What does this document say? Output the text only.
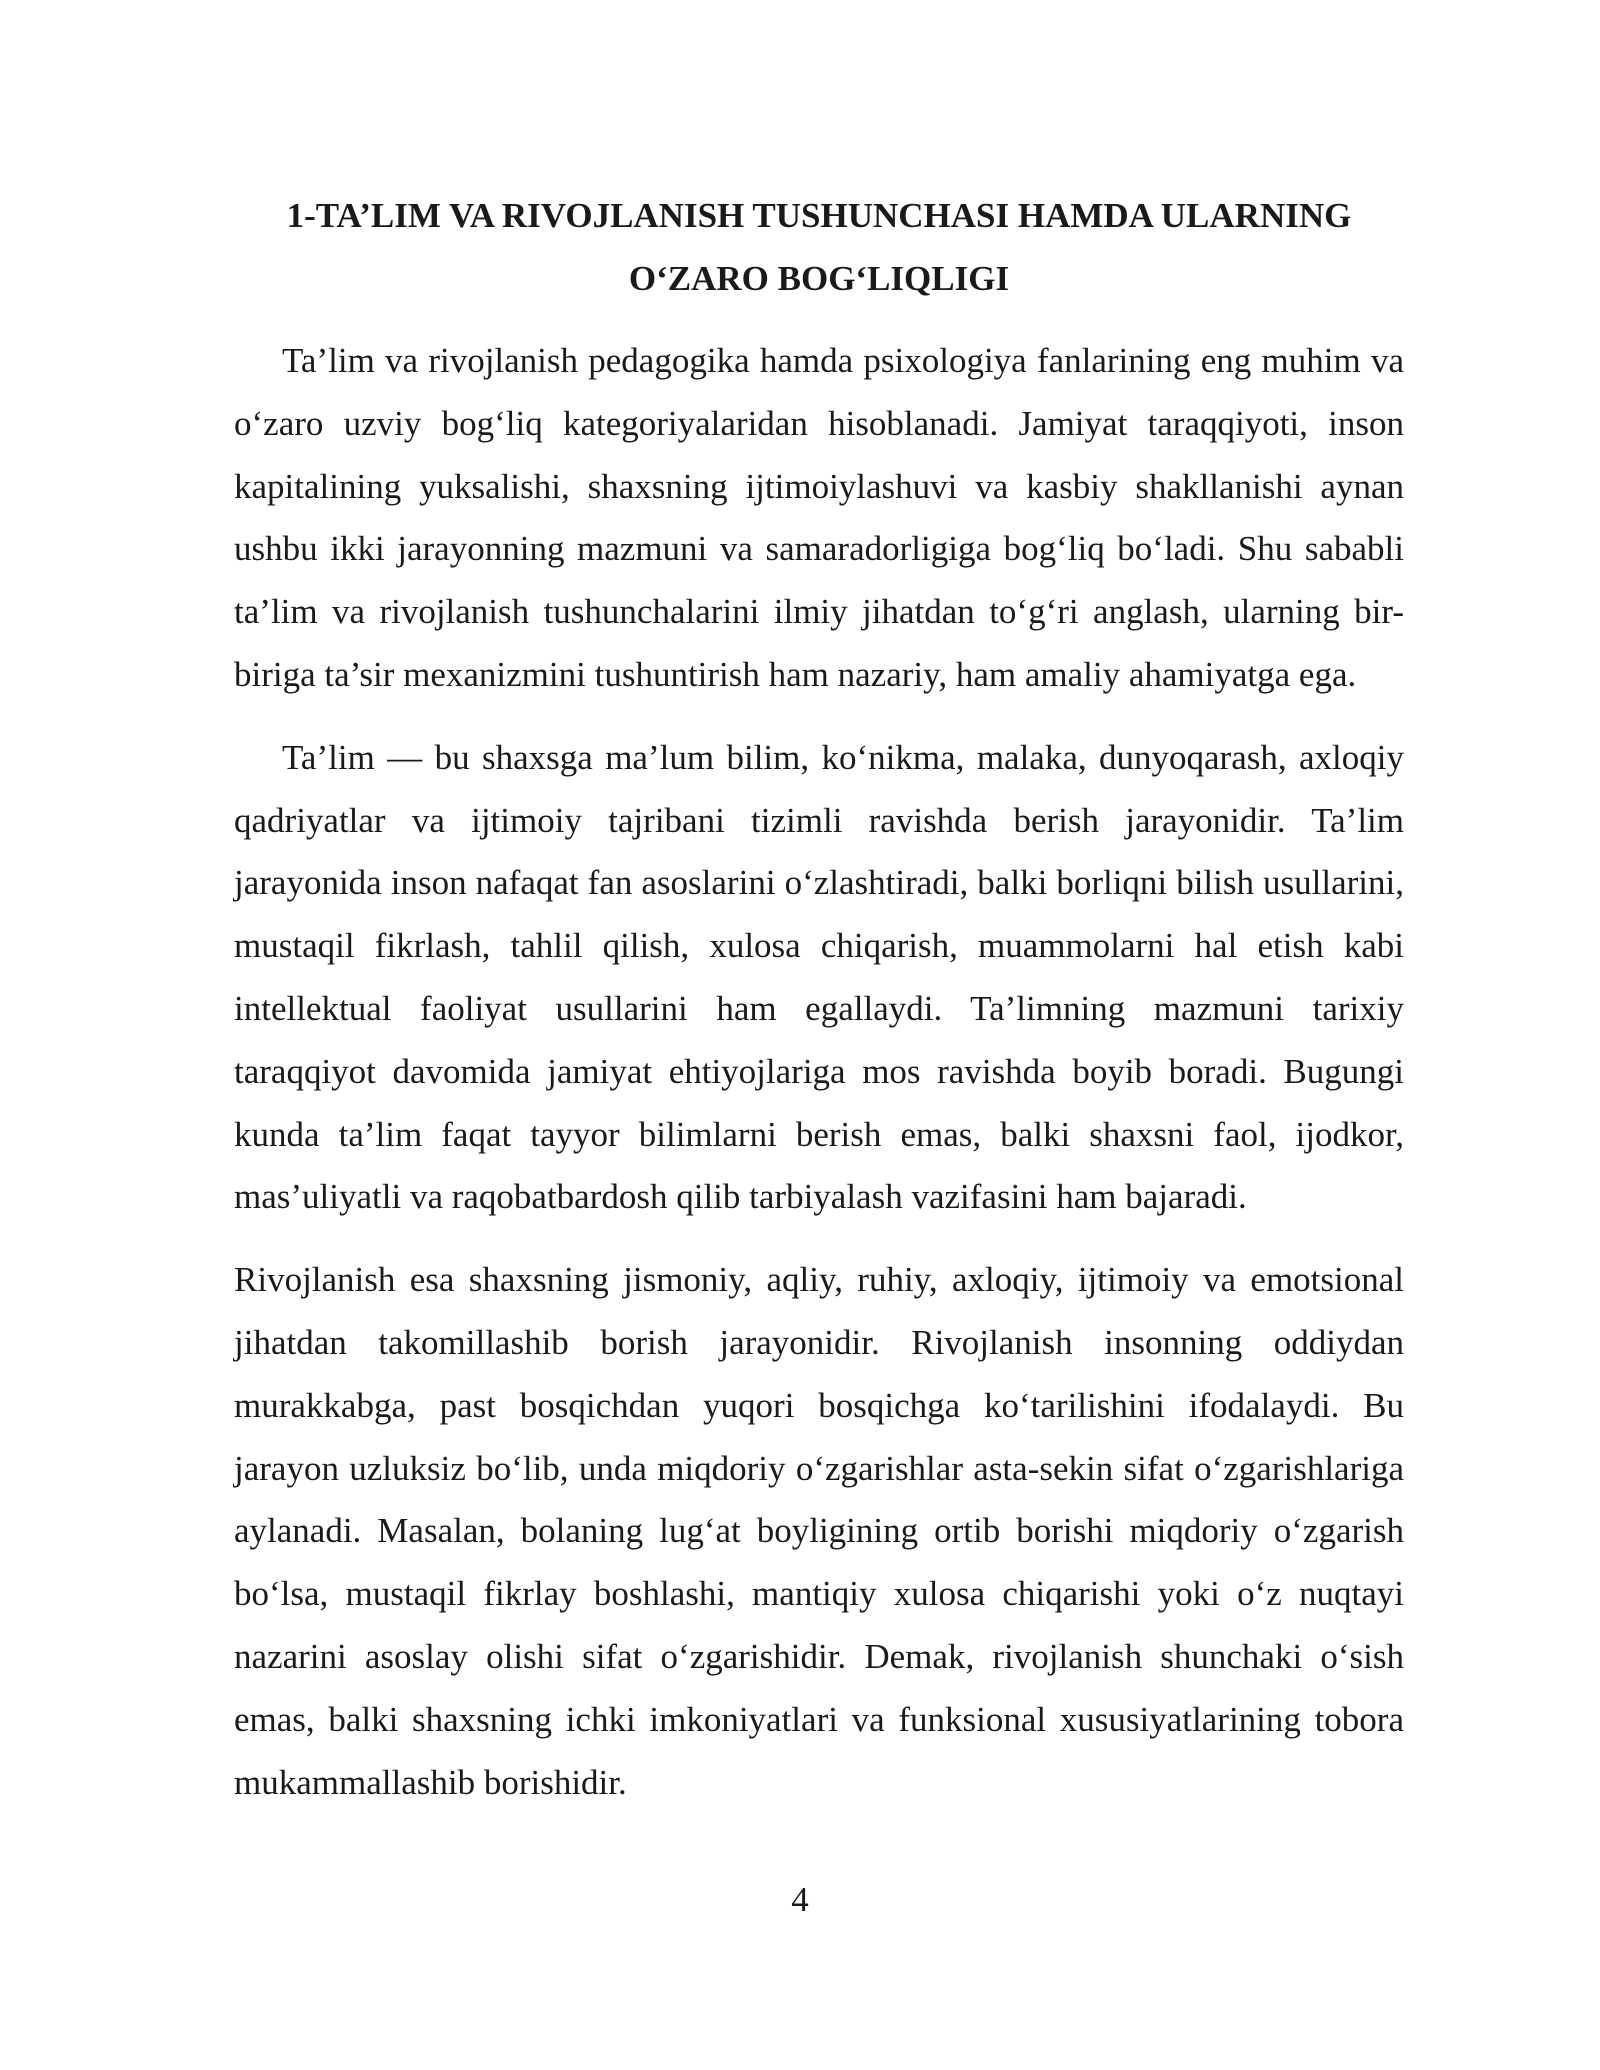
1-TA’LIM VA RIVOJLANISH TUSHUNCHASI HAMDA ULARNING
O‘ZARO BOG‘LIQLIGI

Ta’lim va rivojlanish pedagogika hamda psixologiya fanlarining eng muhim va o‘zaro uzviy bog‘liq kategoriyalaridan hisoblanadi. Jamiyat taraqqiyoti, inson kapitalining yuksalishi, shaxsning ijtimoiylashuvi va kasbiy shakllanishi aynan ushbu ikki jarayonning mazmuni va samaradorligiga bog‘liq bo‘ladi. Shu sababli ta’lim va rivojlanish tushunchalarini ilmiy jihatdan to‘g‘ri anglash, ularning bir-biriga ta’sir mexanizmini tushuntirish ham nazariy, ham amaliy ahamiyatga ega.

Ta’lim — bu shaxsga ma’lum bilim, ko‘nikma, malaka, dunyoqarash, axloqiy qadriyatlar va ijtimoiy tajribani tizimli ravishda berish jarayonidir. Ta’lim jarayonida inson nafaqat fan asoslarini o‘zlashtiradi, balki borliqni bilish usullarini, mustaqil fikrlash, tahlil qilish, xulosa chiqarish, muammolarni hal etish kabi intellektual faoliyat usullarini ham egallaydi. Ta’limning mazmuni tarixiy taraqqiyot davomida jamiyat ehtiyojlariga mos ravishda boyib boradi. Bugungi kunda ta’lim faqat tayyor bilimlarni berish emas, balki shaxsni faol, ijodkor, mas’uliyatli va raqobatbardosh qilib tarbiyalash vazifasini ham bajaradi.

Rivojlanish esa shaxsning jismoniy, aqliy, ruhiy, axloqiy, ijtimoiy va emotsional jihatdan takomillashib borish jarayonidir. Rivojlanish insonning oddiydan murakkabga, past bosqichdan yuqori bosqichga ko‘tarilishini ifodalaydi. Bu jarayon uzluksiz bo‘lib, unda miqdoriy o‘zgarishlar asta-sekin sifat o‘zgarishlariga aylanadi. Masalan, bolaning lug‘at boyligining ortib borishi miqdoriy o‘zgarish bo‘lsa, mustaqil fikrlay boshlashi, mantiqiy xulosa chiqarishi yoki o‘z nuqtayi nazarini asoslay olishi sifat o‘zgarishidir. Demak, rivojlanish shunchaki o‘sish emas, balki shaxsning ichki imkoniyatlari va funksional xususiyatlarining tobora mukammallashib borishidir.

4
